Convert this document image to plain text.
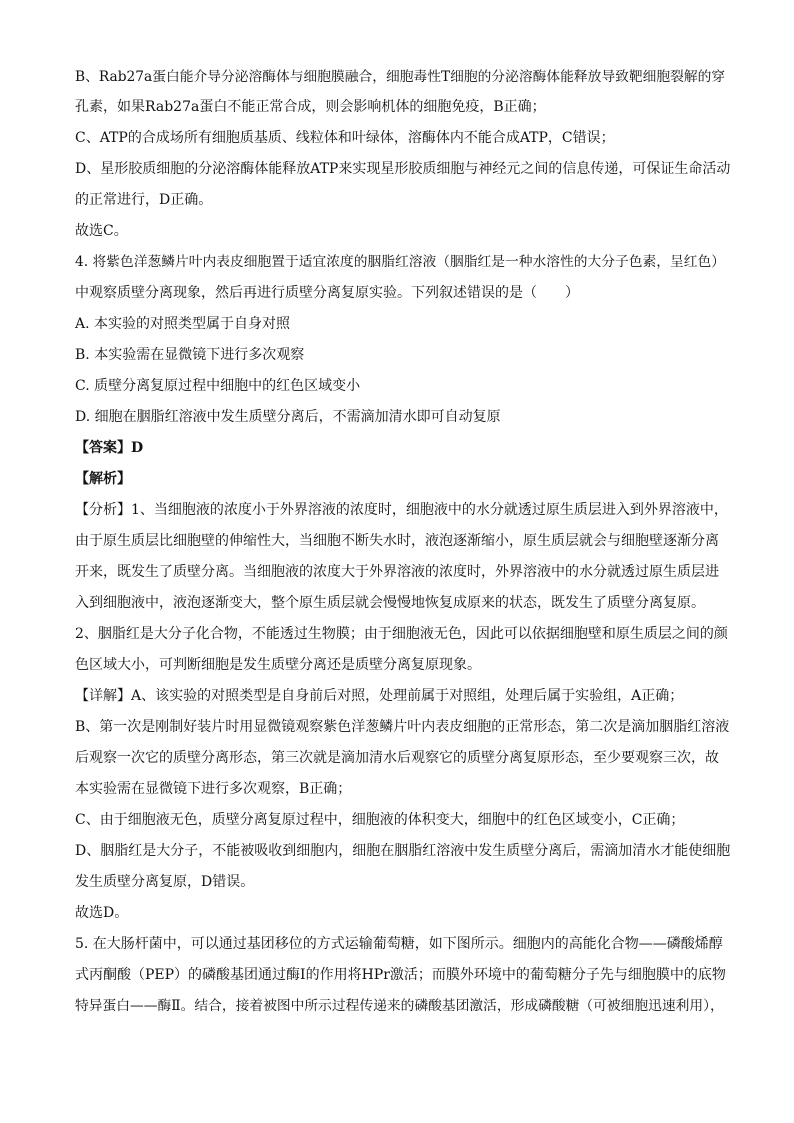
B、Rab27a蛋白能介导分泌溶酶体与细胞膜融合，细胞毒性T细胞的分泌溶酶体能释放导致靶细胞裂解的穿
孔素，如果Rab27a蛋白不能正常合成，则会影响机体的细胞免疫，B正确；
C、ATP的合成场所有细胞质基质、线粒体和叶绿体，溶酶体内不能合成ATP，C错误；
D、星形胶质细胞的分泌溶酶体能释放ATP来实现星形胶质细胞与神经元之间的信息传递，可保证生命活动
的正常进行，D正确。
故选C。
4. 将紫色洋葱鳞片叶内表皮细胞置于适宜浓度的胭脂红溶液（胭脂红是一种水溶性的大分子色素，呈红色）
中观察质壁分离现象，然后再进行质壁分离复原实验。下列叙述错误的是（　　）
A. 本实验的对照类型属于自身对照
B. 本实验需在显微镜下进行多次观察
C. 质壁分离复原过程中细胞中的红色区域变小
D. 细胞在胭脂红溶液中发生质壁分离后，不需滴加清水即可自动复原
【答案】D
【解析】
【分析】1、当细胞液的浓度小于外界溶液的浓度时，细胞液中的水分就透过原生质层进入到外界溶液中，
由于原生质层比细胞壁的伸缩性大，当细胞不断失水时，液泡逐渐缩小，原生质层就会与细胞壁逐渐分离
开来，既发生了质壁分离。当细胞液的浓度大于外界溶液的浓度时，外界溶液中的水分就透过原生质层进
入到细胞液中，液泡逐渐变大，整个原生质层就会慢慢地恢复成原来的状态，既发生了质壁分离复原。
2、胭脂红是大分子化合物，不能透过生物膜；由于细胞液无色，因此可以依据细胞壁和原生质层之间的颜
色区域大小，可判断细胞是发生质壁分离还是质壁分离复原现象。
【详解】A、该实验的对照类型是自身前后对照，处理前属于对照组，处理后属于实验组，A正确；
B、第一次是刚制好装片时用显微镜观察紫色洋葱鳞片叶内表皮细胞的正常形态，第二次是滴加胭脂红溶液
后观察一次它的质壁分离形态，第三次就是滴加清水后观察它的质壁分离复原形态，至少要观察三次，故
本实验需在显微镜下进行多次观察，B正确；
C、由于细胞液无色，质壁分离复原过程中，细胞液的体积变大，细胞中的红色区域变小，C正确；
D、胭脂红是大分子，不能被吸收到细胞内，细胞在胭脂红溶液中发生质壁分离后，需滴加清水才能使细胞
发生质壁分离复原，D错误。
故选D。
5. 在大肠杆菌中，可以通过基团移位的方式运输葡萄糖，如下图所示。细胞内的高能化合物——磷酸烯醇
式丙酮酸（PEP）的磷酸基团通过酶Ⅰ的作用将HPr激活；而膜外环境中的葡萄糖分子先与细胞膜中的底物
特异蛋白——酶Ⅱ。结合，接着被图中所示过程传递来的磷酸基团激活，形成磷酸糖（可被细胞迅速利用），
